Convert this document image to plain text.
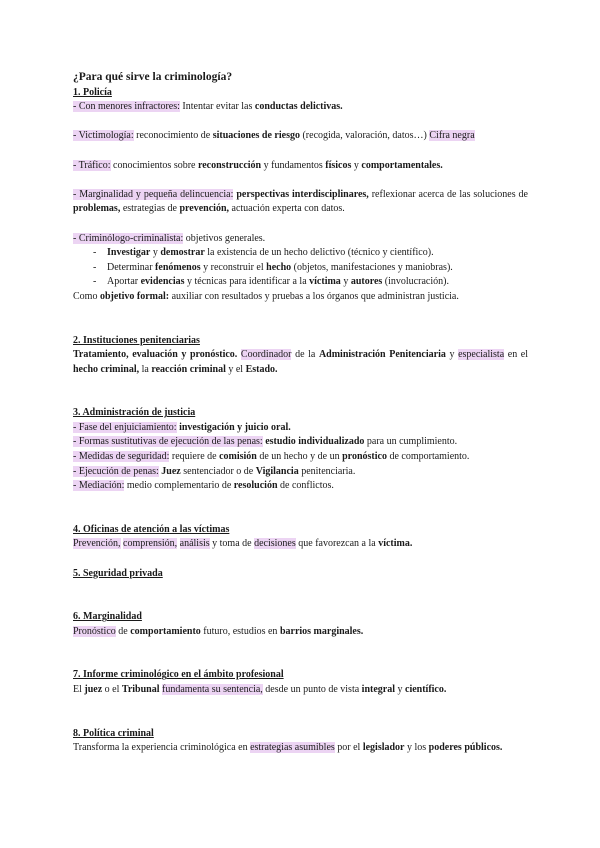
¿Para qué sirve la criminología?

1. Policía

- Con menores infractores: Intentar evitar las conductas delictivas.

- Victimología: reconocimiento de situaciones de riesgo (recogida, valoración, datos…) Cifra negra

- Tráfico: conocimientos sobre reconstrucción y fundamentos físicos y comportamentales.

- Marginalidad y pequeña delincuencia: perspectivas interdisciplinares, reflexionar acerca de las soluciones de problemas, estrategias de prevención, actuación experta con datos.

- Criminólogo-criminalista: objetivos generales.

- Investigar y demostrar la existencia de un hecho delictivo (técnico y científico).
- Determinar fenómenos y reconstruir el hecho (objetos, manifestaciones y maniobras).
- Aportar evidencias y técnicas para identificar a la víctima y autores (involucración).

Como objetivo formal: auxiliar con resultados y pruebas a los órganos que administran justicia.

2. Instituciones penitenciarias

Tratamiento, evaluación y pronóstico. Coordinador de la Administración Penitenciaria y especialista en el hecho criminal, la reacción criminal y el Estado.

3. Administración de justicia

- Fase del enjuiciamiento: investigación y juicio oral.

- Formas sustitutivas de ejecución de las penas: estudio individualizado para un cumplimiento.

- Medidas de seguridad: requiere de comisión de un hecho y de un pronóstico de comportamiento.

- Ejecución de penas: Juez sentenciador o de Vigilancia penitenciaria.

- Mediación: medio complementario de resolución de conflictos.

4. Oficinas de atención a las víctimas

Prevención, comprensión, análisis y toma de decisiones que favorezcan a la víctima.

5. Seguridad privada

6. Marginalidad

Pronóstico de comportamiento futuro, estudios en barrios marginales.

7. Informe criminológico en el ámbito profesional

El juez o el Tribunal fundamenta su sentencia, desde un punto de vista integral y científico.

8. Política criminal

Transforma la experiencia criminológica en estrategias asumibles por el legislador y los poderes públicos.
